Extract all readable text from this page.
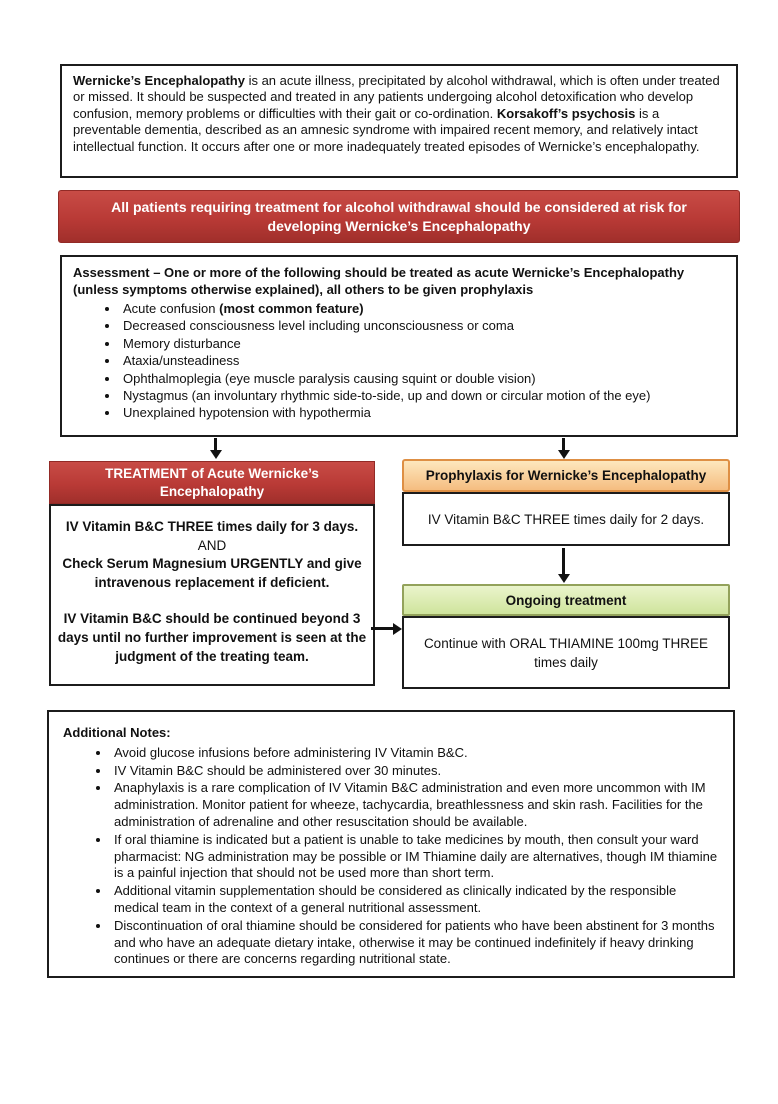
Wernicke’s Encephalopathy is an acute illness, precipitated by alcohol withdrawal, which is often under treated or missed. It should be suspected and treated in any patients undergoing alcohol detoxification who develop confusion, memory problems or difficulties with their gait or co-ordination. Korsakoff’s psychosis is a preventable dementia, described as an amnesic syndrome with impaired recent memory, and relatively intact intellectual function. It occurs after one or more inadequately treated episodes of Wernicke’s encephalopathy.
All patients requiring treatment for alcohol withdrawal should be considered at risk for developing Wernicke’s Encephalopathy
Assessment – One or more of the following should be treated as acute Wernicke’s Encephalopathy (unless symptoms otherwise explained), all others to be given prophylaxis
• Acute confusion (most common feature)
• Decreased consciousness level including unconsciousness or coma
• Memory disturbance
• Ataxia/unsteadiness
• Ophthalmoplegia (eye muscle paralysis causing squint or double vision)
• Nystagmus (an involuntary rhythmic side-to-side, up and down or circular motion of the eye)
• Unexplained hypotension with hypothermia
TREATMENT of Acute Wernicke’s Encephalopathy
IV Vitamin B&C THREE times daily for 3 days.
AND
Check Serum Magnesium URGENTLY and give intravenous replacement if deficient.
IV Vitamin B&C should be continued beyond 3 days until no further improvement is seen at the judgment of the treating team.
Prophylaxis for Wernicke’s Encephalopathy
IV Vitamin B&C THREE times daily for 2 days.
Ongoing treatment
Continue with ORAL THIAMINE 100mg THREE times daily
Additional Notes:
• Avoid glucose infusions before administering IV Vitamin B&C.
• IV Vitamin B&C should be administered over 30 minutes.
• Anaphylaxis is a rare complication of IV Vitamin B&C administration and even more uncommon with IM administration. Monitor patient for wheeze, tachycardia, breathlessness and skin rash. Facilities for the administration of adrenaline and other resuscitation should be available.
• If oral thiamine is indicated but a patient is unable to take medicines by mouth, then consult your ward pharmacist: NG administration may be possible or IM Thiamine daily are alternatives, though IM thiamine is a painful injection that should not be used more than short term.
• Additional vitamin supplementation should be considered as clinically indicated by the responsible medical team in the context of a general nutritional assessment.
• Discontinuation of oral thiamine should be considered for patients who have been abstinent for 3 months and who have an adequate dietary intake, otherwise it may be continued indefinitely if heavy drinking continues or there are concerns regarding nutritional state.
